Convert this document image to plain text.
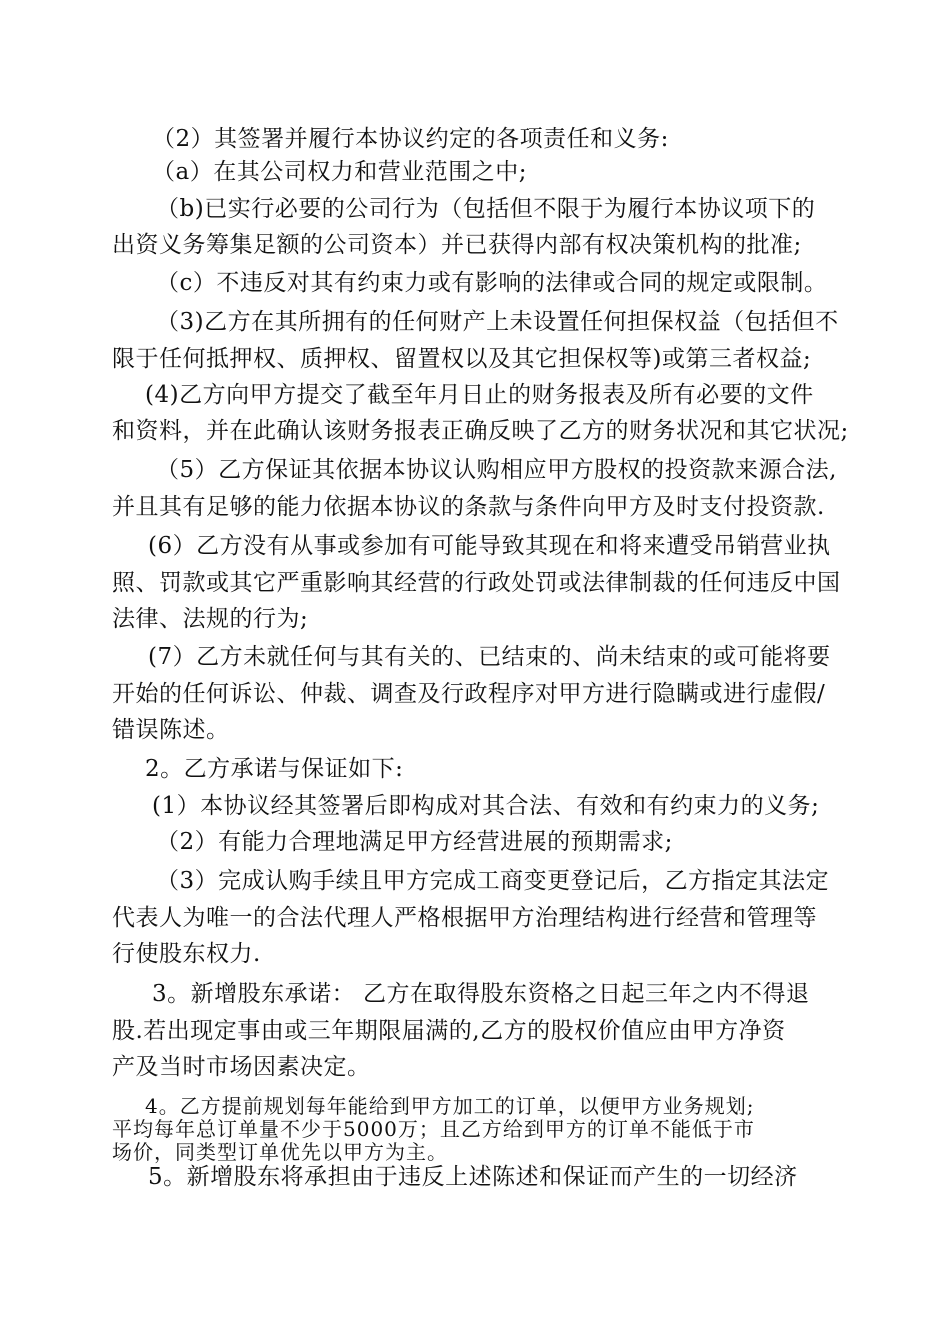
（2）其签署并履行本协议约定的各项责任和义务:
（a）在其公司权力和营业范围之中;
（b)已实行必要的公司行为（包括但不限于为履行本协议项下的
出资义务筹集足额的公司资本）并已获得内部有权决策机构的批准;
（c）不违反对其有约束力或有影响的法律或合同的规定或限制。
（3)乙方在其所拥有的任何财产上未设置任何担保权益（包括但不
限于任何抵押权、质押权、留置权以及其它担保权等)或第三者权益;
(4)乙方向甲方提交了截至年月日止的财务报表及所有必要的文件
和资料，并在此确认该财务报表正确反映了乙方的财务状况和其它状况;
（5）乙方保证其依据本协议认购相应甲方股权的投资款来源合法,
并且其有足够的能力依据本协议的条款与条件向甲方及时支付投资款.
(6）乙方没有从事或参加有可能导致其现在和将来遭受吊销营业执
照、罚款或其它严重影响其经营的行政处罚或法律制裁的任何违反中国
法律、法规的行为;
(7）乙方未就任何与其有关的、已结束的、尚未结束的或可能将要
开始的任何诉讼、仲裁、调查及行政程序对甲方进行隐瞒或进行虚假/
错误陈述。
2。乙方承诺与保证如下:
(1）本协议经其签署后即构成对其合法、有效和有约束力的义务;
（2）有能力合理地满足甲方经营进展的预期需求;
（3）完成认购手续且甲方完成工商变更登记后，乙方指定其法定
代表人为唯一的合法代理人严格根据甲方治理结构进行经营和管理等
行使股东权力.
3。新增股东承诺： 乙方在取得股东资格之日起三年之内不得退
股.若出现定事由或三年期限届满的,乙方的股权价值应由甲方净资
产及当时市场因素决定。
4。乙方提前规划每年能给到甲方加工的订单，以便甲方业务规划;
平均每年总订单量不少于5000万；且乙方给到甲方的订单不能低于市
场价，同类型订单优先以甲方为主。
5。新增股东将承担由于违反上述陈述和保证而产生的一切经济
